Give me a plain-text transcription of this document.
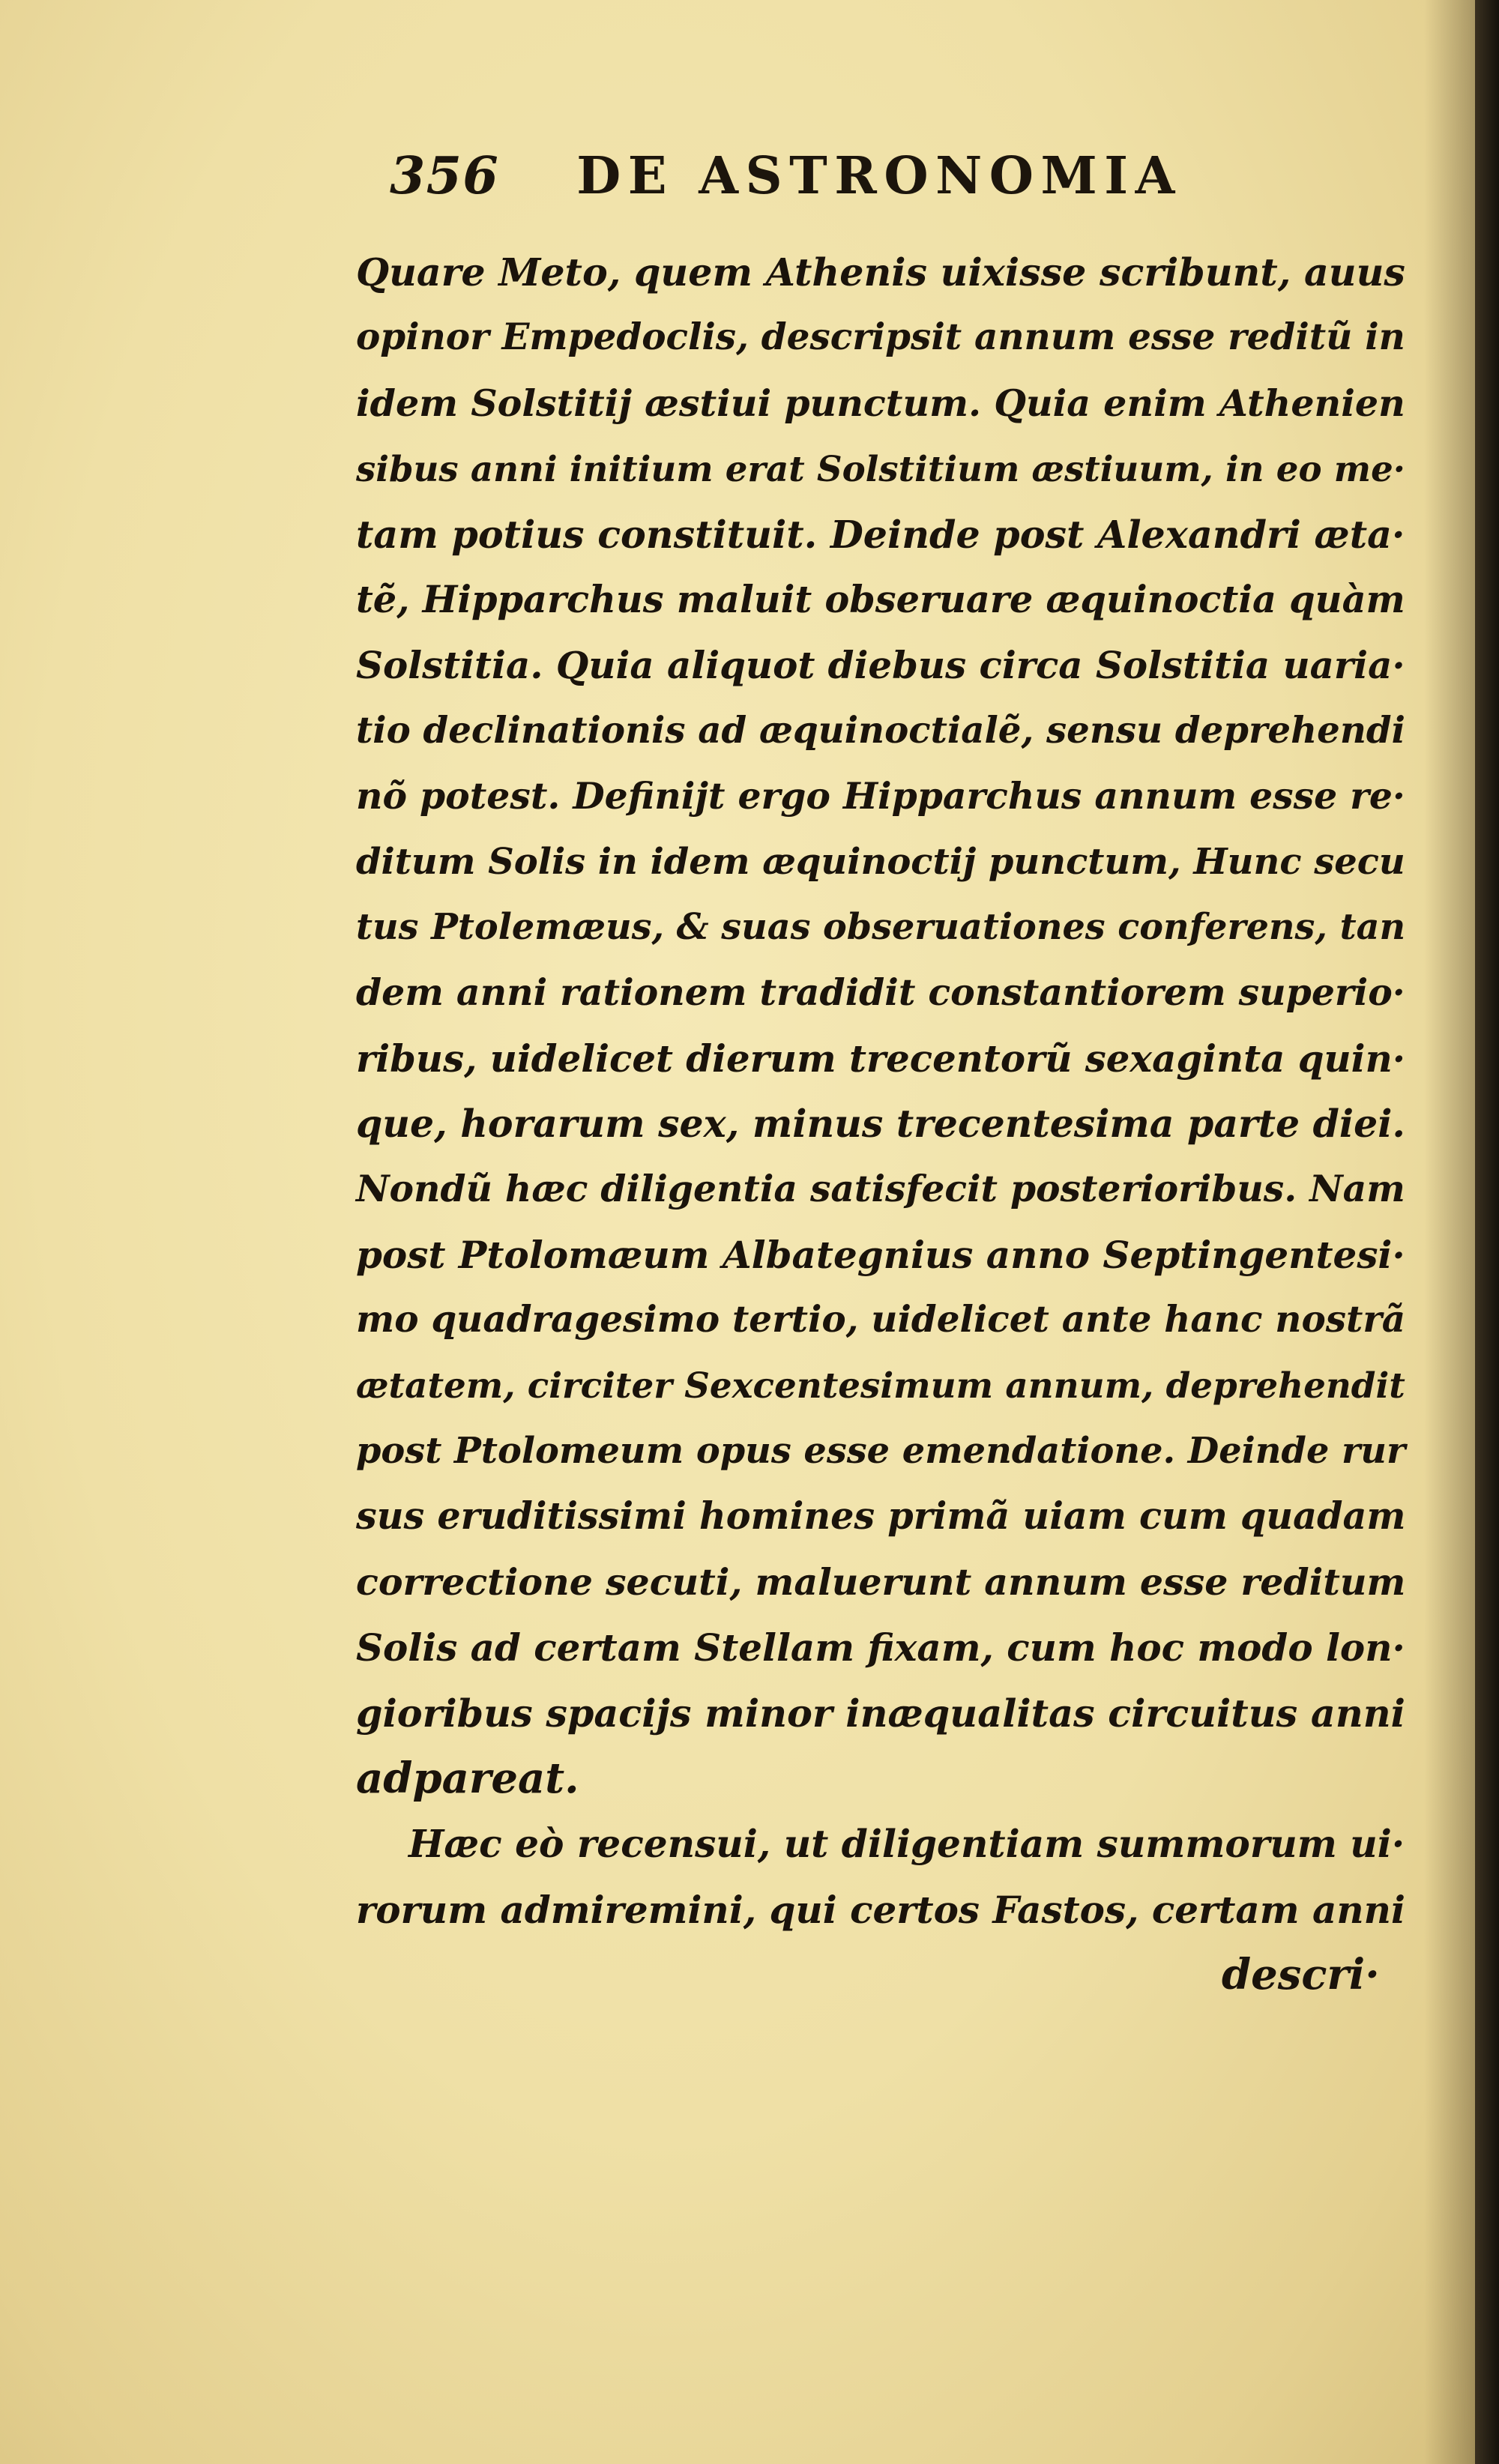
356 DE ASTRONOMIA
Quare Meto, quem Athenis uixisse scribunt, auus
opinor Empedoclis, descripsit annum esse reditũ in
idem Solstitij æstiui punctum. Quia enim Athenien
sibus anni initium erat Solstitium æstiuum, in eo me·
tam potius constituit. Deinde post Alexandri æta·
tẽ, Hipparchus maluit obseruare æquinoctia quàm
Solstitia. Quia aliquot diebus circa Solstitia uaria·
tio declinationis ad æquinoctialẽ, sensu deprehendi
nõ potest. Definijt ergo Hipparchus annum esse re·
ditum Solis in idem æquinoctij punctum, Hunc secu
tus Ptolemæus, & suas obseruationes conferens, tan
dem anni rationem tradidit constantiorem superio·
ribus, uidelicet dierum trecentorũ sexaginta quin·
que, horarum sex, minus trecentesima parte diei.
Nondũ hæc diligentia satisfecit posterioribus. Nam
post Ptolomæum Albategnius anno Septingentesi·
mo quadragesimo tertio, uidelicet ante hanc nostrã
ætatem, circiter Sexcentesimum annum, deprehendit
post Ptolomeum opus esse emendatione. Deinde rur
sus eruditissimi homines primã uiam cum quadam
correctione secuti, maluerunt annum esse reditum
Solis ad certam Stellam fixam, cum hoc modo lon·
gioribus spacijs minor inæqualitas circuitus anni
adpareat.
Hæc eò recensui, ut diligentiam summorum ui·
rorum admiremini, qui certos Fastos, certam anni
descri·
